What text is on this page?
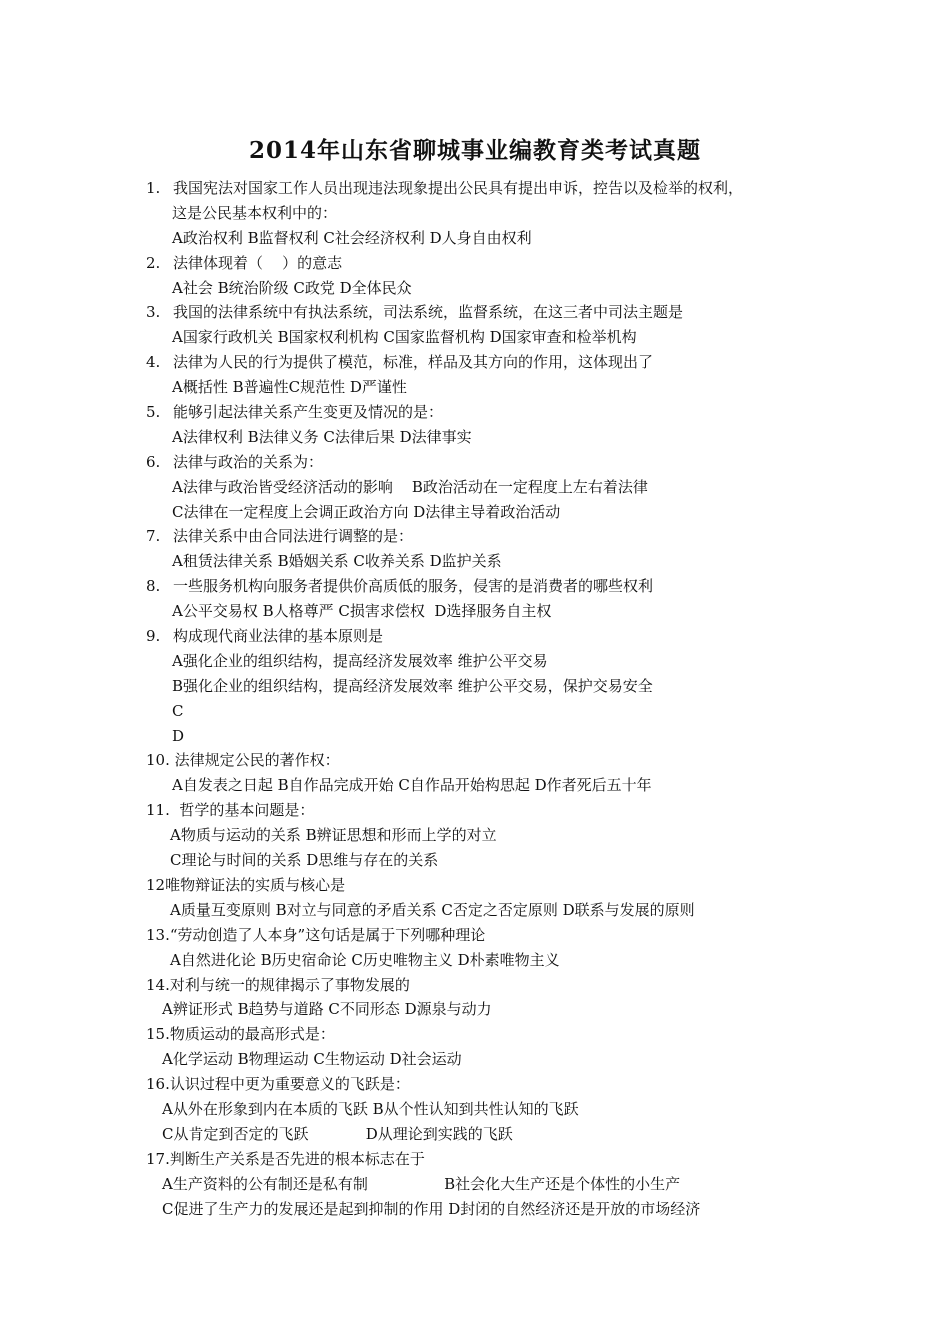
2014年山东省聊城事业编教育类考试真题
1. 我国宪法对国家工作人员出现违法现象提出公民具有提出申诉，控告以及检举的权利，
这是公民基本权利中的：
A政治权利 B监督权利 C社会经济权利 D人身自由权利
2. 法律体现着（    ）的意志
A社会 B统治阶级 C政党 D全体民众
3. 我国的法律系统中有执法系统，司法系统，监督系统，在这三者中司法主题是
A国家行政机关 B国家权利机构 C国家监督机构 D国家审查和检举机构
4. 法律为人民的行为提供了模范，标准，样品及其方向的作用，这体现出了
A概括性 B普遍性C规范性 D严谨性
5. 能够引起法律关系产生变更及情况的是：
A法律权利 B法律义务 C法律后果 D法律事实
6. 法律与政治的关系为：
A法律与政治皆受经济活动的影响    B政治活动在一定程度上左右着法律
C法律在一定程度上会调正政治方向 D法律主导着政治活动
7. 法律关系中由合同法进行调整的是：
A租赁法律关系 B婚姻关系 C收养关系 D监护关系
8. 一些服务机构向服务者提供价高质低的服务，侵害的是消费者的哪些权利
A公平交易权 B人格尊严 C损害求偿权  D选择服务自主权
9. 构成现代商业法律的基本原则是
A强化企业的组织结构，提高经济发展效率 维护公平交易
B强化企业的组织结构，提高经济发展效率 维护公平交易，保护交易安全
C
D
10. 法律规定公民的著作权：
A自发表之日起 B自作品完成开始 C自作品开始构思起 D作者死后五十年
11.  哲学的基本问题是：
A物质与运动的关系 B辨证思想和形而上学的对立
C理论与时间的关系 D思维与存在的关系
12唯物辩证法的实质与核心是
A质量互变原则 B对立与同意的矛盾关系 C否定之否定原则 D联系与发展的原则
13.“劳动创造了人本身”这句话是属于下列哪种理论
A自然进化论 B历史宿命论 C历史唯物主义 D朴素唯物主义
14.对利与统一的规律揭示了事物发展的
A辨证形式 B趋势与道路 C不同形态 D源泉与动力
15.物质运动的最高形式是：
A化学运动 B物理运动 C生物运动 D社会运动
16.认识过程中更为重要意义的飞跃是：
A从外在形象到内在本质的飞跃 B从个性认知到共性认知的飞跃
C从肯定到否定的飞跃            D从理论到实践的飞跃
17.判断生产关系是否先进的根本标志在于
A生产资料的公有制还是私有制                B社会化大生产还是个体性的小生产
C促进了生产力的发展还是起到抑制的作用 D封闭的自然经济还是开放的市场经济
